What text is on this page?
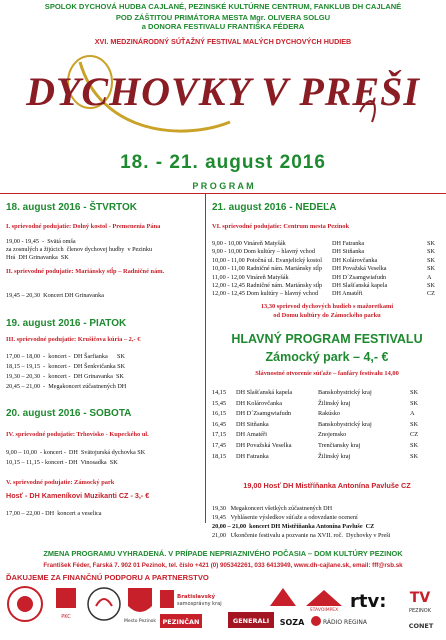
SPOLOK DYCHOVÁ HUDBA CAJLANÉ, PEZINSKÉ KULTÚRNE CENTRUM, FANKLUB DH CAJLANÉ
POD ZÁŠTITOU PRIMÁTORA MESTA Mgr. OLIVERA SOLGU
a DONORA FESTIVALU FRANTIŠKA FÉDERA
XVI. MEDZINÁRODNÝ SÚŤAŽNÝ FESTIVAL MALÝCH DYCHOVÝCH HUDIEB
DYCHOVKY V PREŠI
18. - 21. august 2016
P R O G R A M
18. august 2016 - ŠTVRTOK
I. sprievodné podujatie: Dolný kostol - Premenenia Pána
19,00 - 19,45  -  Svätá omša
za zosnulých a žijúcich  členov dychovej hudby  v Pezinku
Hrá  DH Grinavanka  SK
II. sprievodné podujatie: Mariánsky stĺp – Radničné nám.
19,45 – 20,30  Koncert DH Grinavanka
19. august 2016 - PIATOK
III. sprievodné podujatie: Krušičova kúria – 2,- €
17,00 – 18,00  -  koncert -  DH Šarfianka      SK
18,15 – 19,15  -  koncert -  DH Šenkvičanka SK
19,30 – 20,30  -  koncert -  DH Grinavanka  SK
20,45 – 21,00  -  Megakoncert zúčastnených DH
20. august 2016 - SOBOTA
IV. sprievodné podujatie: Trhovisko - Kupeckého ul.
9,00 – 10,00  - koncert -  DH  Svätojurská dychovka SK
10,15 – 11,15 - koncert - DH  Vinosadka  SK
V. sprievodné podujatie: Zámocký park
Hosť - DH Kameníkovi Muzikanti CZ - 3,- €
17,00 – 22,00 - DH  koncert a veselica
21. august 2016 - NEDEĽA
VI. sprievodné podujatie: Centrum mesta Pezinok
9,00 - 10,00 Vináreň Matyšák	DH Fatranka	SK
9,00 - 10,00 Dom kultúry – hlavný vchod	DH Sitňanka	SK
10,00 - 11,00 Potočná ul. Evanjelický kostol	DH Kolárovčanka	SK
10,00 - 11,00 Radničné nám. Mariánsky stĺp	DH Považská Veselka	SK
11,00 - 12,00 Vináreň Matyšák	DH D´Zsamgwiafudn	A
12,00 - 12,45 Radničné nám. Mariánsky stĺp	DH Slašťanská kapela	SK
12,00 - 12,45 Dom kultúry – hlavný vchod	DH Amatéři	CZ
13,30 sprievod dychových hudieb s mažoretkami
od Domu kultúry do Zámockého parku
HLAVNÝ PROGRAM FESTIVALU
Zámocký park – 4,- €
Slávnostné otvorenie súťaže – fanfáry festivalu 14,00
14,15	DH Slašťanská kapela	Banskobystrický kraj	SK
15,45	DH Kolárovčanka	Žilinský kraj	SK
16,15	DH D´Zsamgwiafudn	Rakúsko	A
16,45	DH Sitňanka	Banskobystrický kraj	SK
17,15	DH Amatéři	Znojemsko	CZ
17,45	DH Považská Veselka	Trenčiansky kraj	SK
18,15	DH Fatranka	Žilinský kraj	SK
19,00 Hosť DH Mistříňanka Antonína Pavluše CZ
19,30   Megakoncert všetkých zúčastnených DH
19,45   Vyhlásenie výsledkov súťaže a odovzdanie ocenení
20,00 – 21,00  koncert DH Mistříňanka Antonína Pavluše  CZ
21,00   Ukončenie festivalu a pozvanie na XVII. roč.  Dychovky v Preši
ZMENA PROGRAMU VYHRADENÁ. V PRÍPADE NEPRIAZNIVÉHO POČASIA – DOM KULTÚRY PEZINOK
František Féder, Farská 7. 902 01 Pezinok, tel. číslo +421 (0) 905342261, 033 6413949, www.dh-cajlane.sk, email: fff@rsb.sk
ĎAKUJEME ZA FINANČNÚ PODPORU A PARTNERSTVO
PKC
Mesto Pezinok
Bratislavský
samosprávny kraj
PEZINČAN	GENERALI SOZA
STAVOIMPEX
RÁDIO REGINA
rtv: TV
PEZINOK
CONET
